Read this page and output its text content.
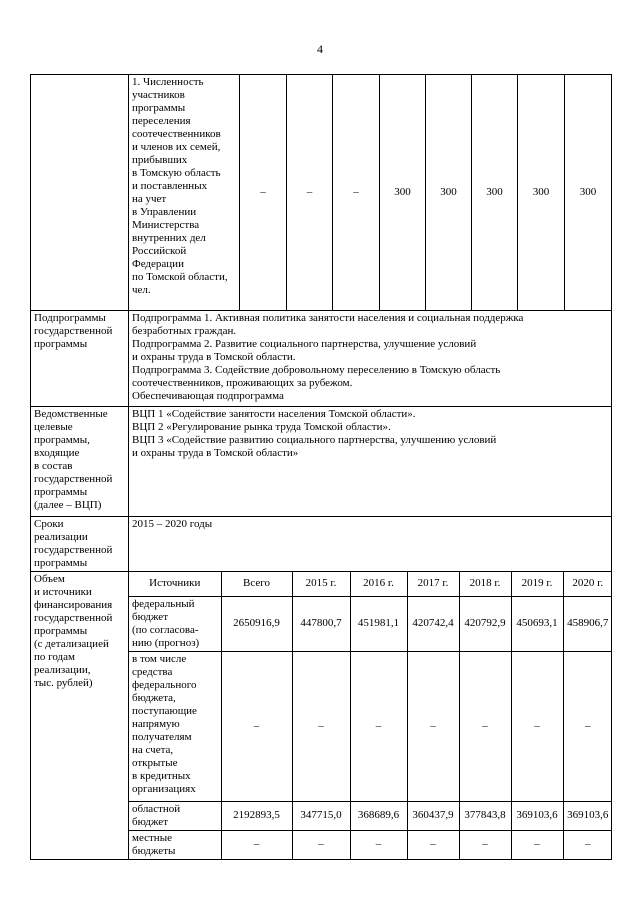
4
	1. Численность
участников
программы
переселения
соотечественников
и членов их семей,
прибывших
в Томскую область
и поставленных
на учет
в Управлении
Министерства
внутренних дел
Российской
Федерации
по Томской области,
чел.	–	–	–	300	300	300	300	300
Подпрограммы
государственной
программы	Подпрограмма 1. Активная политика занятости населения и социальная поддержка
безработных граждан.
Подпрограмма 2. Развитие социального партнерства, улучшение условий
и охраны труда в Томской области.
Подпрограмма 3. Содействие добровольному переселению в Томскую область
соотечественников, проживающих за рубежом.
Обеспечивающая подпрограмма
Ведомственные
целевые
программы,
входящие
в состав
государственной
программы
(далее – ВЦП)	ВЦП 1 «Содействие занятости населения Томской области».
ВЦП 2 «Регулирование рынка труда Томской области».
ВЦП 3 «Содействие развитию социального партнерства, улучшению условий
и охраны труда в Томской области»
Сроки
реализации
государственной
программы	2015 – 2020 годы
Объем
и источники
финансирования
государственной
программы
(с детализацией
по годам
реализации,
тыс. рублей)	
Источники	Всего	2015 г.	2016 г.	2017 г.	2018 г.	2019 г.	2020 г.
федеральный
бюджет
(по согласова-
нию (прогноз)	2650916,9	447800,7	451981,1	420742,4	420792,9	450693,1	458906,7
в том числе
средства
федерального
бюджета,
поступающие
напрямую
получателям
на счета,
открытые
в кредитных
организациях	–	–	–	–	–	–	–
областной
бюджет	2192893,5	347715,0	368689,6	360437,9	377843,8	369103,6	369103,6
местные
бюджеты	–	–	–	–	–	–	–
